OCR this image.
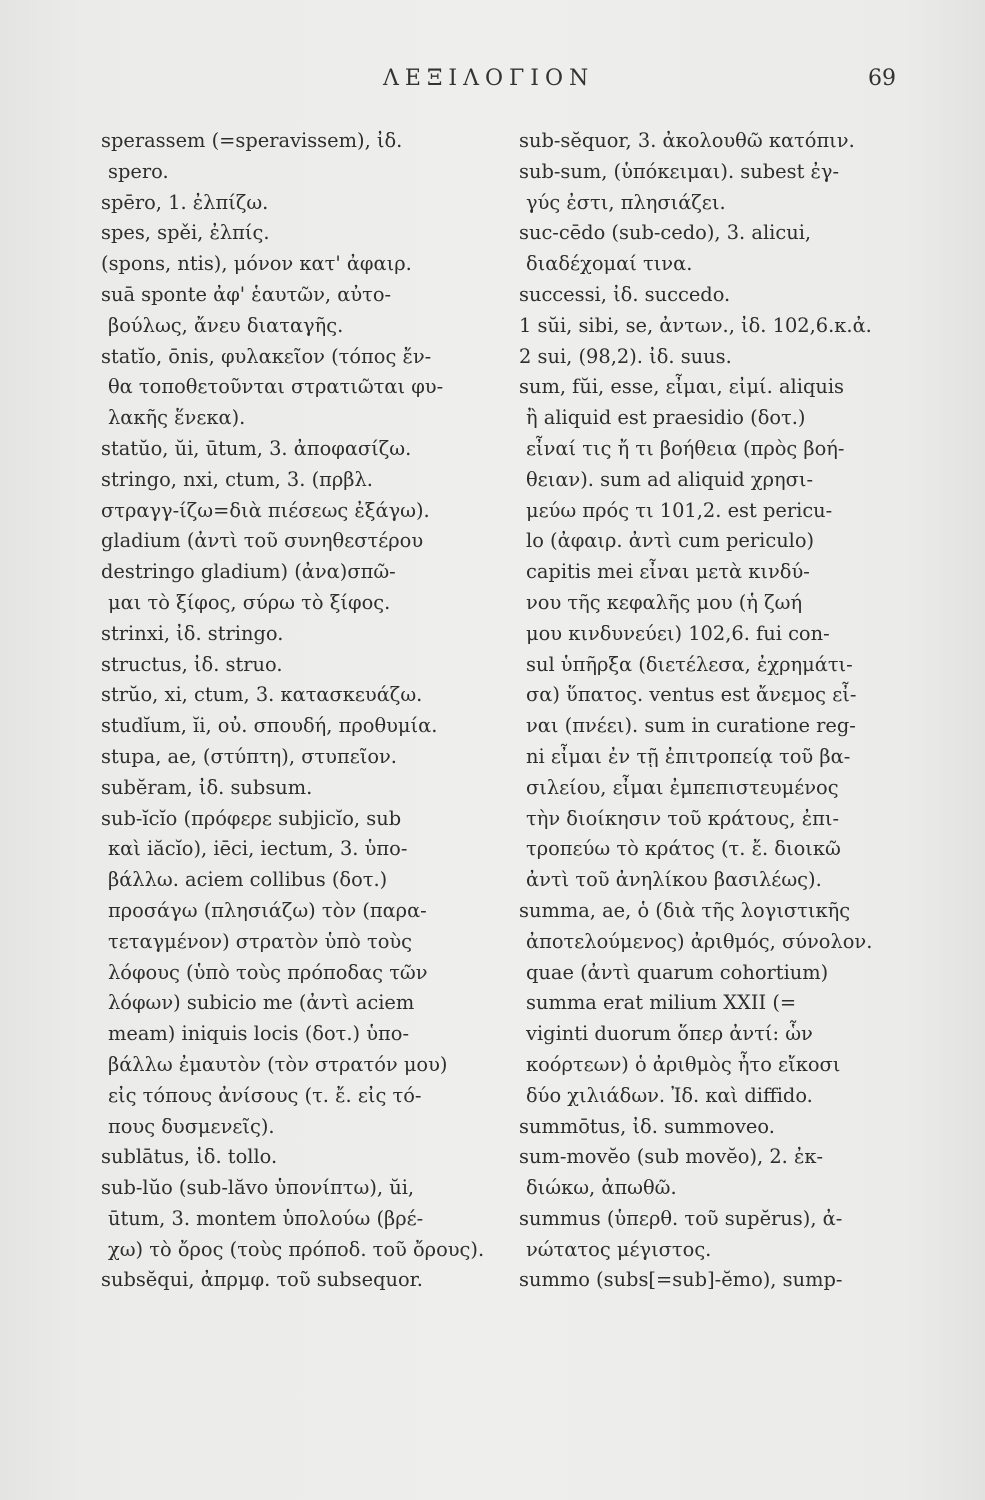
ΛΕΞΙΛΟΓΙΟΝ	69
sperassem (=speravissem), ἰδ.
spero.
spēro, 1. ἐλπίζω.
spes, spěi, ἐλπίς.
(spons, ntis), μόνον κατ' ἀφαιρ.
suā sponte ἀφ' ἑαυτῶν, αὐτο-
βούλως, ἄνευ διαταγῆς.
statĭo, ōnis, φυλακεῖον (τόπος ἔν-
θα τοποθετοῦνται στρατιῶται φυ-
λακῆς ἕνεκα).
statŭo, ŭi, ūtum, 3. ἀποφασίζω.
stringo, nxi, ctum, 3. (πρβλ.
στραγγ-ίζω=διὰ πιέσεως ἐξάγω).
gladium (ἀντὶ τοῦ συνηθεστέρου
destringo gladium) (ἀνα)σπῶ-
μαι τὸ ξίφος, σύρω τὸ ξίφος.
strinxi, ἰδ. stringo.
structus, ἰδ. struo.
strŭo, xi, ctum, 3. κατασκευάζω.
studĭum, ĭi, οὐ. σπουδή, προθυμία.
stupa, ae, (στύπτη), στυπεῖον.
subĕram, ἰδ. subsum.
sub-ĭcĭo (πρόφερε subjicĭo, sub
καὶ iăcĭo), iēci, iectum, 3. ὑπο-
βάλλω. aciem collibus (δοτ.)
προσάγω (πλησιάζω) τὸν (παρα-
τεταγμένον) στρατὸν ὑπὸ τοὺς
λόφους (ὑπὸ τοὺς πρόποδας τῶν
λόφων) subicio me (ἀντὶ aciem
meam) iniquis locis (δοτ.) ὑπο-
βάλλω ἐμαυτὸν (τὸν στρατόν μου)
εἰς τόπους ἀνίσους (τ. ἔ. εἰς τό-
πους δυσμενεῖς).
sublātus, ἰδ. tollo.
sub-lŭo (sub-lăvo ὑπονίπτω), ŭi,
ūtum, 3. montem ὑπολούω (βρέ-
χω) τὸ ὄρος (τοὺς πρόποδ. τοῦ ὄρους).
subsĕqui, ἀπρμφ. τοῦ subsequor.
sub-sĕquor, 3. ἀκολουθῶ κατόπιν.
sub-sum, (ὑπόκειμαι). subest ἐγ-
γύς ἐστι, πλησιάζει.
suc-cēdo (sub-cedo), 3. alicui,
διαδέχομαί τινα.
successi, ἰδ. succedo.
1 sŭi, sibi, se, ἀντων., ἰδ. 102,6.κ.ἀ.
2 sui, (98,2). ἰδ. suus.
sum, fŭi, esse, εἶμαι, εἰμί. aliquis
ἢ aliquid est praesidio (δοτ.)
εἶναί τις ἤ τι βοήθεια (πρὸς βοή-
θειαν). sum ad aliquid χρησι-
μεύω πρός τι 101,2. est pericu-
lo (ἀφαιρ. ἀντὶ cum periculo)
capitis mei εἶναι μετὰ κινδύ-
νου τῆς κεφαλῆς μου (ἡ ζωή
μου κινδυνεύει) 102,6. fui con-
sul ὑπῆρξα (διετέλεσα, ἐχρημάτι-
σα) ὕπατος. ventus est ἄνεμος εἶ-
ναι (πνέει). sum in curatione reg-
ni εἶμαι ἐν τῇ ἐπιτροπείᾳ τοῦ βα-
σιλείου, εἶμαι ἐμπεπιστευμένος
τὴν διοίκησιν τοῦ κράτους, ἐπι-
τροπεύω τὸ κράτος (τ. ἔ. διοικῶ
ἀντὶ τοῦ ἀνηλίκου βασιλέως).
summa, ae, ὁ (διὰ τῆς λογιστικῆς
ἀποτελούμενος) ἀριθμός, σύνολον.
quae (ἀντὶ quarum cohortium)
summa erat milium XXII (=
viginti duorum ὅπερ ἀντί: ὧν
κοόρτεων) ὁ ἀριθμὸς ἦτο εἴκοσι
δύο χιλιάδων. Ἰδ. καὶ diffido.
summōtus, ἰδ. summoveo.
sum-movĕo (sub movĕo), 2. ἐκ-
διώκω, ἀπωθῶ.
summus (ὑπερθ. τοῦ supĕrus), ἀ-
νώτατος μέγιστος.
summo (subs[=sub]-ĕmo), sump-
